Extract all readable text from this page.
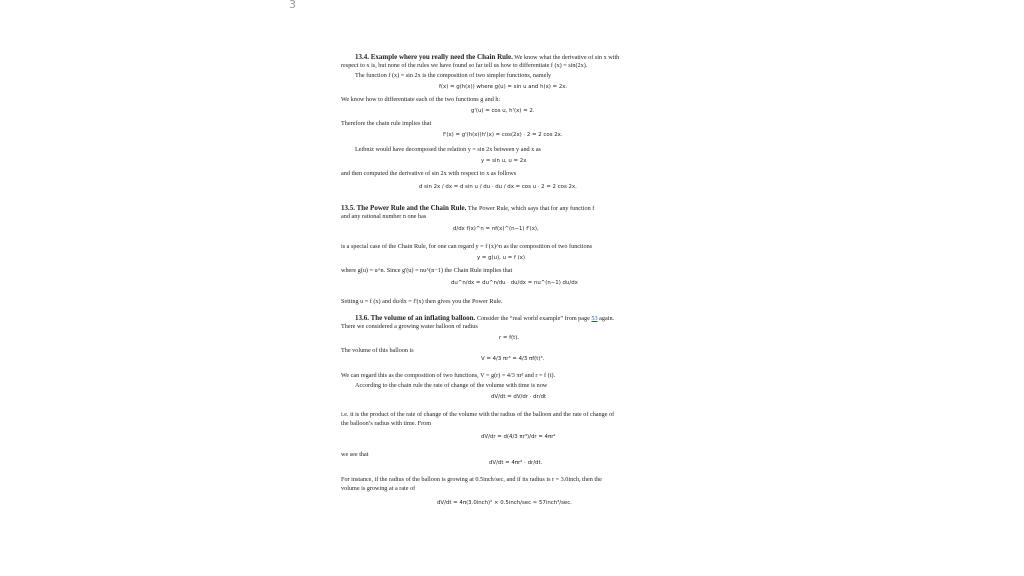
3
13.4. Example where you really need the Chain Rule. We know what the derivative of sin x with
respect to x is, but none of the rules we have found so far tell us how to differentiate f (x) = sin(2x).
The function f (x) = sin 2x is the composition of two simpler functions, namely
f(x) = g(h(x)) where g(u) = sin u and h(x) = 2x.
We know how to differentiate each of the two functions g and h:
g'(u) = cos u, h'(x) = 2.
Therefore the chain rule implies that
f'(x) = g'(h(x))h'(x) = cos(2x) · 2 = 2 cos 2x.
Leibniz would have decomposed the relation y = sin 2x between y and x as
y = sin u, u = 2x
and then computed the derivative of sin 2x with respect to x as follows
d sin 2x / dx = d sin u / du · du / dx = cos u · 2 = 2 cos 2x.
13.5. The Power Rule and the Chain Rule. The Power Rule, which says that for any function f
and any rational number n one has
d/dx f(x)^n = nf(x)^(n−1) f'(x),
is a special case of the Chain Rule, for one can regard y = f (x)^n as the composition of two functions
y = g(u), u = f (x)
where g(u) = u^n. Since g'(u) = nu^(n−1) the Chain Rule implies that
du^n/dx = du^n/du · du/dx = nu^(n−1) du/dx
Setting u = f (x) and du/dx = f'(x) then gives you the Power Rule.
13.6. The volume of an inflating balloon. Consider the “real world example” from page 53 again.
There we considered a growing water balloon of radius
r = f(t).
The volume of this balloon is
V = 4/3 πr³ = 4/3 πf(t)³.
We can regard this as the composition of two functions, V = g(r) = 4/3 πr³ and r = f (t).
According to the chain rule the rate of change of the volume with time is now
dV/dt = dV/dr · dr/dt
i.e. it is the product of the rate of change of the volume with the radius of the balloon and the rate of change of
the balloon’s radius with time. From
dV/dr = d(4/3 πr³)/dr = 4πr²
we see that
dV/dt = 4πr² · dr/dt.
For instance, if the radius of the balloon is growing at 0.5inch/sec, and if its radius is r = 3.0inch, then the
volume is growing at a rate of
dV/dt = 4π(3.0inch)² × 0.5inch/sec ≈ 57inch³/sec.
